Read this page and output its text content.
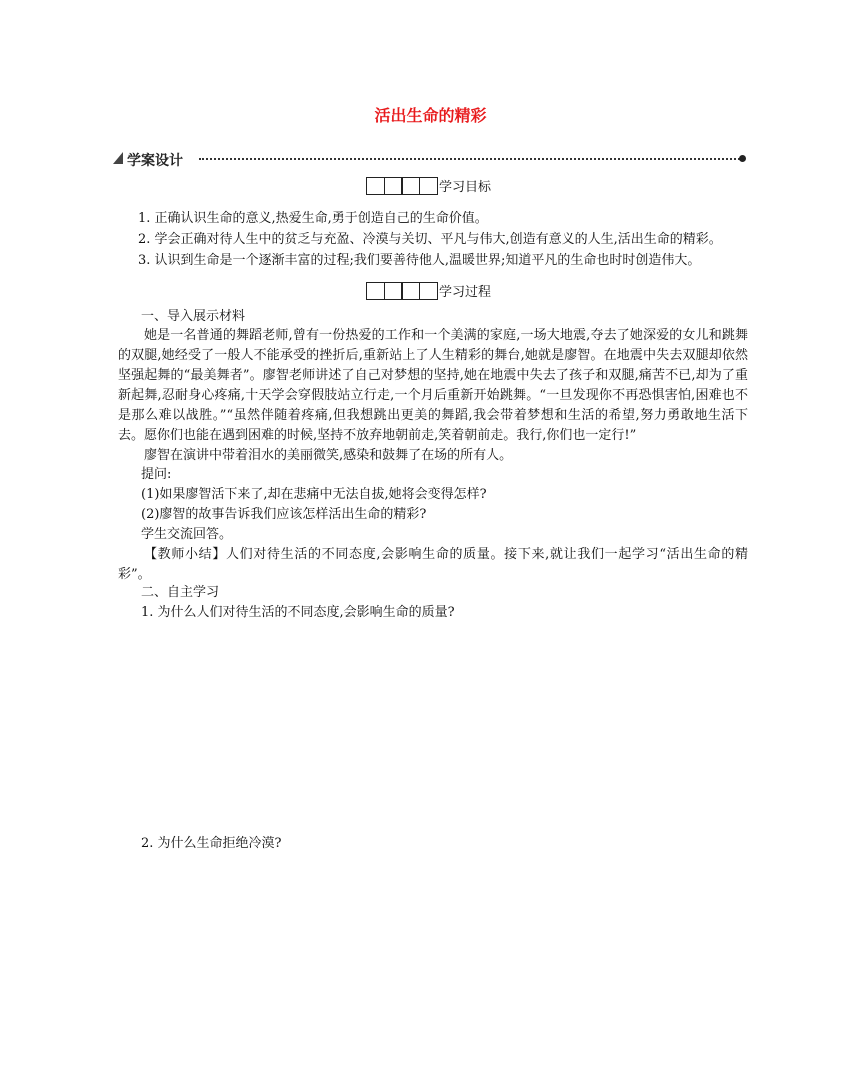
活出生命的精彩
学案设计
学习目标
1. 正确认识生命的意义,热爱生命,勇于创造自己的生命价值。
2. 学会正确对待人生中的贫乏与充盈、冷漠与关切、平凡与伟大,创造有意义的人生,活出生命的精彩。
3. 认识到生命是一个逐渐丰富的过程;我们要善待他人,温暖世界;知道平凡的生命也时时创造伟大。
学习过程
一、导入展示材料
她是一名普通的舞蹈老师,曾有一份热爱的工作和一个美满的家庭,一场大地震,夺去了她深爱的女儿和跳舞的双腿,她经受了一般人不能承受的挫折后,重新站上了人生精彩的舞台,她就是廖智。在地震中失去双腿却依然坚强起舞的“最美舞者”。廖智老师讲述了自己对梦想的坚持,她在地震中失去了孩子和双腿,痛苦不已,却为了重新起舞,忍耐身心疼痛,十天学会穿假肢站立行走,一个月后重新开始跳舞。“一旦发现你不再恐惧害怕,困难也不是那么难以战胜。”“虽然伴随着疼痛,但我想跳出更美的舞蹈,我会带着梦想和生活的希望,努力勇敢地生活下去。愿你们也能在遇到困难的时候,坚持不放弃地朝前走,笑着朝前走。我行,你们也一定行!”
廖智在演讲中带着泪水的美丽微笑,感染和鼓舞了在场的所有人。
提问:
(1)如果廖智活下来了,却在悲痛中无法自拔,她将会变得怎样?
(2)廖智的故事告诉我们应该怎样活出生命的精彩?
学生交流回答。
【教师小结】人们对待生活的不同态度,会影响生命的质量。接下来,就让我们一起学习“活出生命的精彩”。
二、自主学习
1. 为什么人们对待生活的不同态度,会影响生命的质量?
2. 为什么生命拒绝冷漠?
